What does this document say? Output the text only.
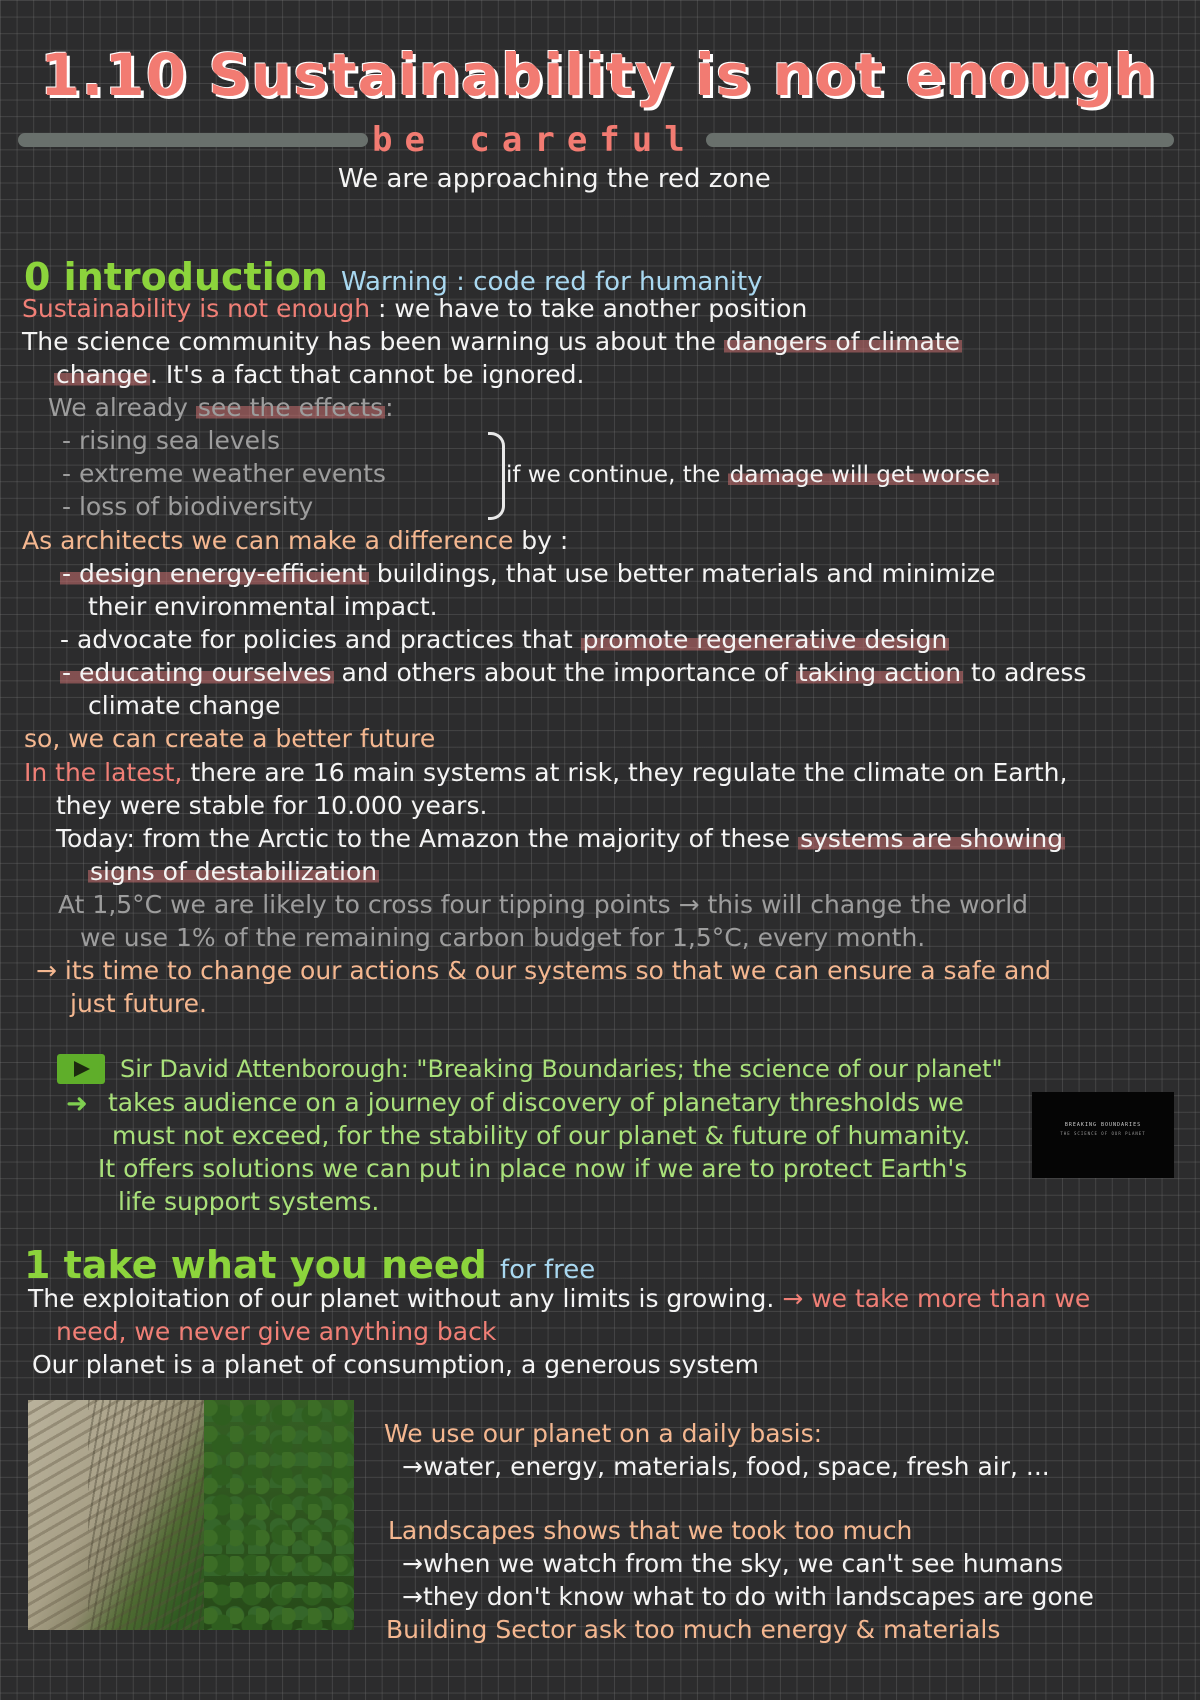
1.10 Sustainability is not enough
be careful
We are approaching the red zone
0 introduction Warning : code red for humanity
Sustainability is not enough : we have to take another position
The science community has been warning us about the dangers of climate
change. It's a fact that cannot be ignored.
We already see the effects:
- rising sea levels
- extreme weather events
- loss of biodiversity
if we continue, the damage will get worse.
As architects we can make a difference by :
- design energy-efficient buildings, that use better materials and minimize
their environmental impact.
- advocate for policies and practices that promote regenerative design
- educating ourselves and others about the importance of taking action to adress
climate change
so, we can create a better future
In the latest, there are 16 main systems at risk, they regulate the climate on Earth,
they were stable for 10.000 years.
Today: from the Arctic to the Amazon the majority of these systems are showing
signs of destabilization
At 1,5°C we are likely to cross four tipping points → this will change the world
we use 1% of the remaining carbon budget for 1,5°C, every month.
→ its time to change our actions & our systems so that we can ensure a safe and
just future.
Sir David Attenborough: "Breaking Boundaries; the science of our planet"
➜ takes audience on a journey of discovery of planetary thresholds we
must not exceed, for the stability of our planet & future of humanity.
It offers solutions we can put in place now if we are to protect Earth's
life support systems.
BREAKING BOUNDARIES
THE SCIENCE OF OUR PLANET
1 take what you need for free
The exploitation of our planet without any limits is growing. → we take more than we
need, we never give anything back
Our planet is a planet of consumption, a generous system
We use our planet on a daily basis:
→water, energy, materials, food, space, fresh air, ...
Landscapes shows that we took too much
→when we watch from the sky, we can't see humans
→they don't know what to do with landscapes are gone
Building Sector ask too much energy & materials
